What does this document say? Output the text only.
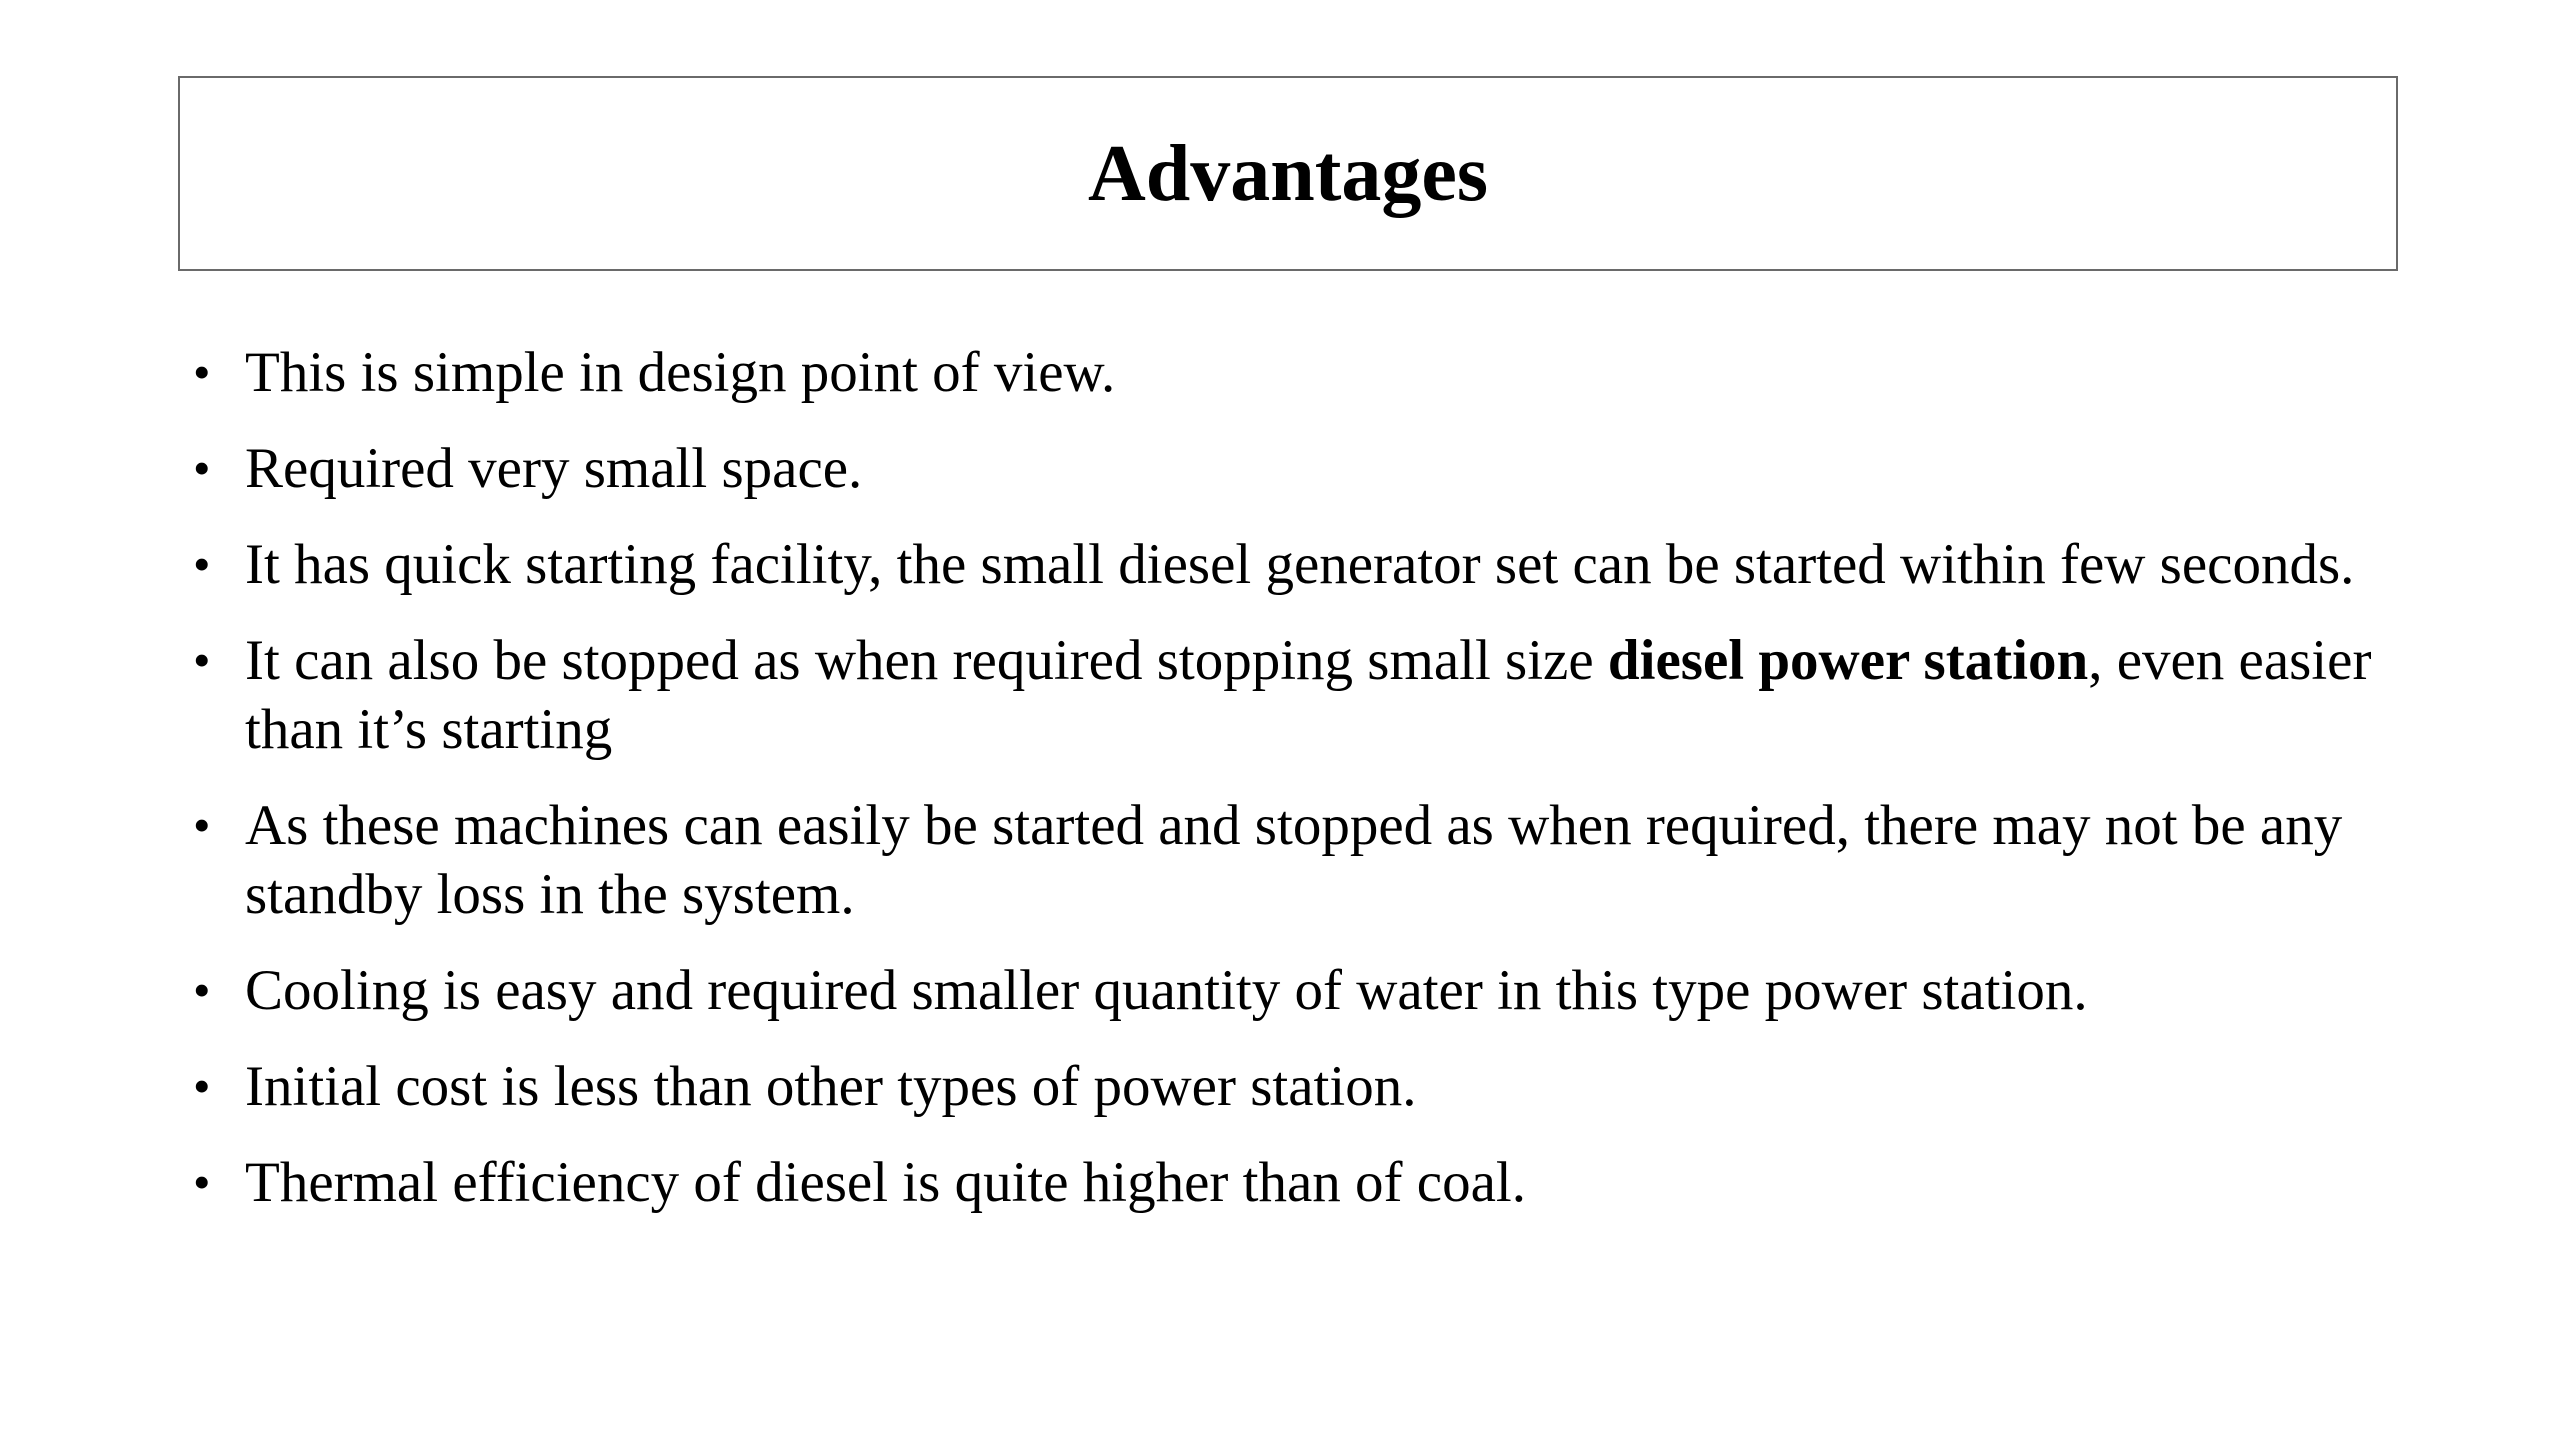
Advantages
• This is simple in design point of view.
• Required very small space.
• It has quick starting facility, the small diesel generator set can be started within few seconds.
• It can also be stopped as when required stopping small size diesel power station, even easier than it’s starting
• As these machines can easily be started and stopped as when required, there may not be any standby loss in the system.
• Cooling is easy and required smaller quantity of water in this type power station.
• Initial cost is less than other types of power station.
• Thermal efficiency of diesel is quite higher than of coal.
